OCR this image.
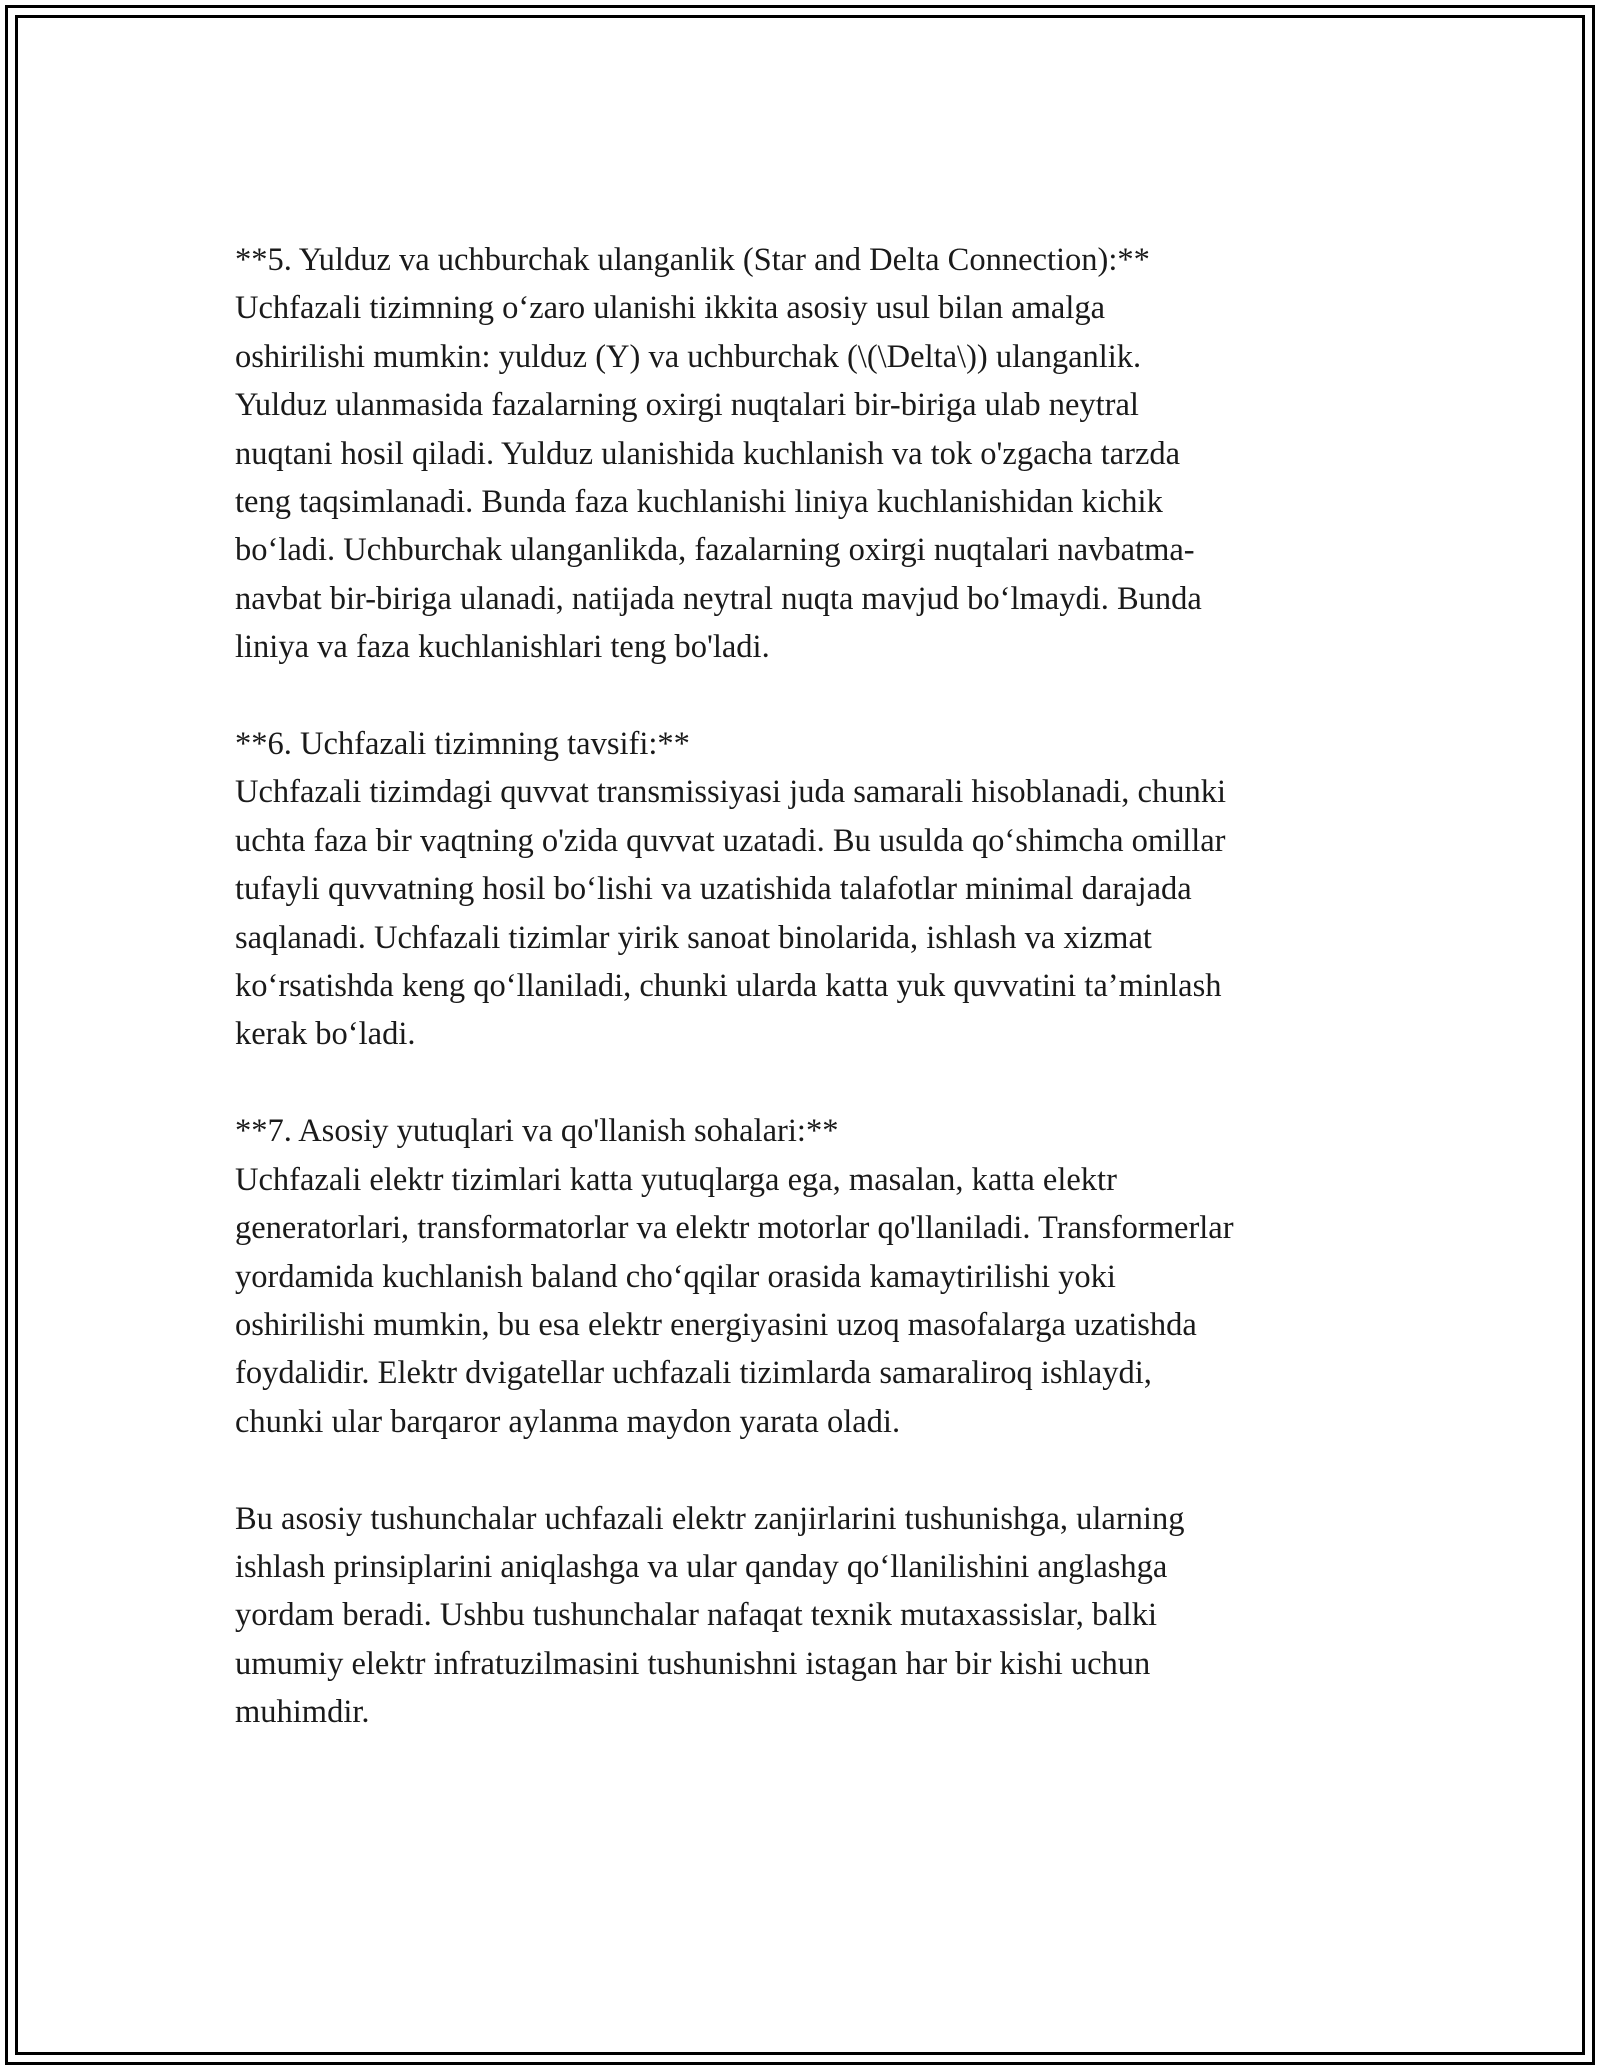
**5. Yulduz va uchburchak ulanganlik (Star and Delta Connection):**
Uchfazali tizimning o‘zaro ulanishi ikkita asosiy usul bilan amalga
oshirilishi mumkin: yulduz (Y) va uchburchak (\(\Delta\)) ulanganlik.
Yulduz ulanmasida fazalarning oxirgi nuqtalari bir-biriga ulab neytral
nuqtani hosil qiladi. Yulduz ulanishida kuchlanish va tok o'zgacha tarzda
teng taqsimlanadi. Bunda faza kuchlanishi liniya kuchlanishidan kichik
bo‘ladi. Uchburchak ulanganlikda, fazalarning oxirgi nuqtalari navbatma-
navbat bir-biriga ulanadi, natijada neytral nuqta mavjud bo‘lmaydi. Bunda
liniya va faza kuchlanishlari teng bo'ladi.

**6. Uchfazali tizimning tavsifi:**
Uchfazali tizimdagi quvvat transmissiyasi juda samarali hisoblanadi, chunki
uchta faza bir vaqtning o'zida quvvat uzatadi. Bu usulda qo‘shimcha omillar
tufayli quvvatning hosil bo‘lishi va uzatishida talafotlar minimal darajada
saqlanadi. Uchfazali tizimlar yirik sanoat binolarida, ishlash va xizmat
ko‘rsatishda keng qo‘llaniladi, chunki ularda katta yuk quvvatini ta’minlash
kerak bo‘ladi.

**7. Asosiy yutuqlari va qo'llanish sohalari:**
Uchfazali elektr tizimlari katta yutuqlarga ega, masalan, katta elektr
generatorlari, transformatorlar va elektr motorlar qo'llaniladi. Transformerlar
yordamida kuchlanish baland cho‘qqilar orasida kamaytirilishi yoki
oshirilishi mumkin, bu esa elektr energiyasini uzoq masofalarga uzatishda
foydalidir. Elektr dvigatellar uchfazali tizimlarda samaraliroq ishlaydi,
chunki ular barqaror aylanma maydon yarata oladi.

Bu asosiy tushunchalar uchfazali elektr zanjirlarini tushunishga, ularning
ishlash prinsiplarini aniqlashga va ular qanday qo‘llanilishini anglashga
yordam beradi. Ushbu tushunchalar nafaqat texnik mutaxassislar, balki
umumiy elektr infratuzilmasini tushunishni istagan har bir kishi uchun
muhimdir.
